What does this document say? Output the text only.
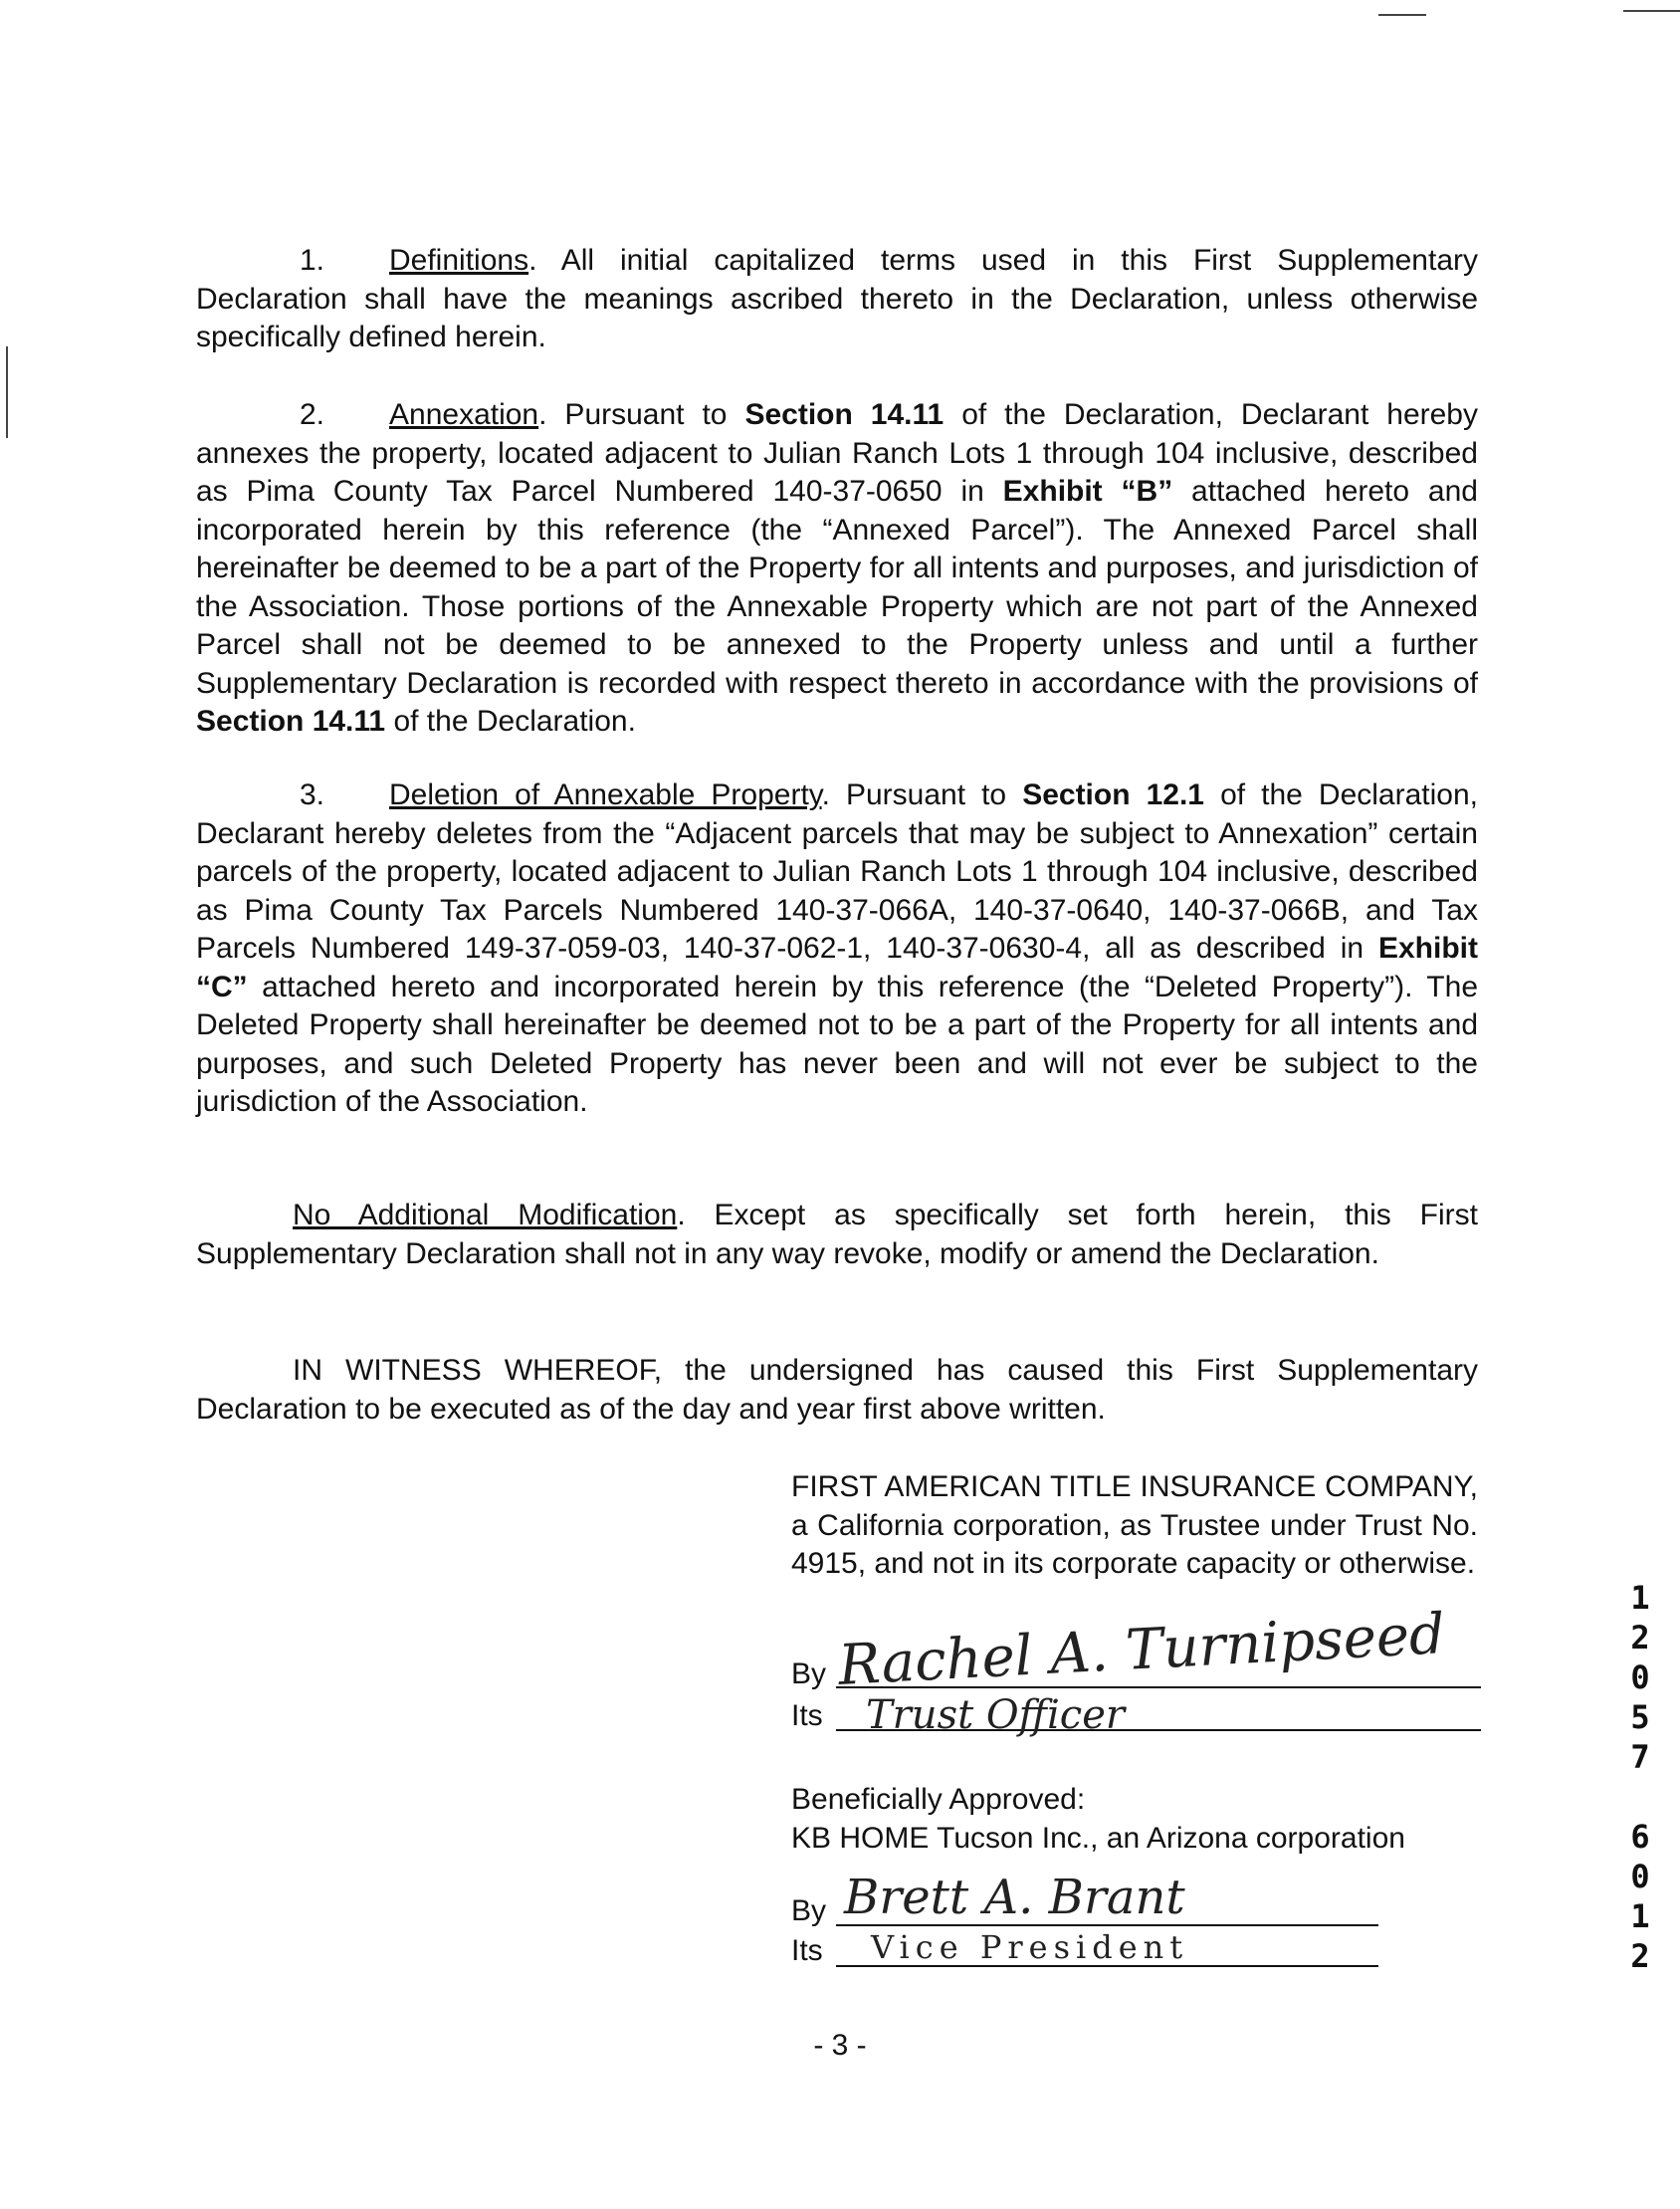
1. Definitions. All initial capitalized terms used in this First Supplementary Declaration shall have the meanings ascribed thereto in the Declaration, unless otherwise specifically defined herein.

2. Annexation. Pursuant to Section 14.11 of the Declaration, Declarant hereby annexes the property, located adjacent to Julian Ranch Lots 1 through 104 inclusive, described as Pima County Tax Parcel Numbered 140-37-0650 in Exhibit “B” attached hereto and incorporated herein by this reference (the “Annexed Parcel”). The Annexed Parcel shall hereinafter be deemed to be a part of the Property for all intents and purposes, and jurisdiction of the Association. Those portions of the Annexable Property which are not part of the Annexed Parcel shall not be deemed to be annexed to the Property unless and until a further Supplementary Declaration is recorded with respect thereto in accordance with the provisions of Section 14.11 of the Declaration.

3. Deletion of Annexable Property. Pursuant to Section 12.1 of the Declaration, Declarant hereby deletes from the “Adjacent parcels that may be subject to Annexation” certain parcels of the property, located adjacent to Julian Ranch Lots 1 through 104 inclusive, described as Pima County Tax Parcels Numbered 140-37-066A, 140-37-0640, 140-37-066B, and Tax Parcels Numbered 149-37-059-03, 140-37-062-1, 140-37-0630-4, all as described in Exhibit “C” attached hereto and incorporated herein by this reference (the “Deleted Property”). The Deleted Property shall hereinafter be deemed not to be a part of the Property for all intents and purposes, and such Deleted Property has never been and will not ever be subject to the jurisdiction of the Association.

No Additional Modification. Except as specifically set forth herein, this First Supplementary Declaration shall not in any way revoke, modify or amend the Declaration.

IN WITNESS WHEREOF, the undersigned has caused this First Supplementary Declaration to be executed as of the day and year first above written.

FIRST AMERICAN TITLE INSURANCE COMPANY, a California corporation, as Trustee under Trust No. 4915, and not in its corporate capacity or otherwise.

By Rachel A. Turnipseed
Its Trust Officer

Beneficially Approved:

KB HOME Tucson Inc., an Arizona corporation

By Brett A. Brant
Its Vice President
- 3 -
1
2
0
5
7
6
0
1
2
